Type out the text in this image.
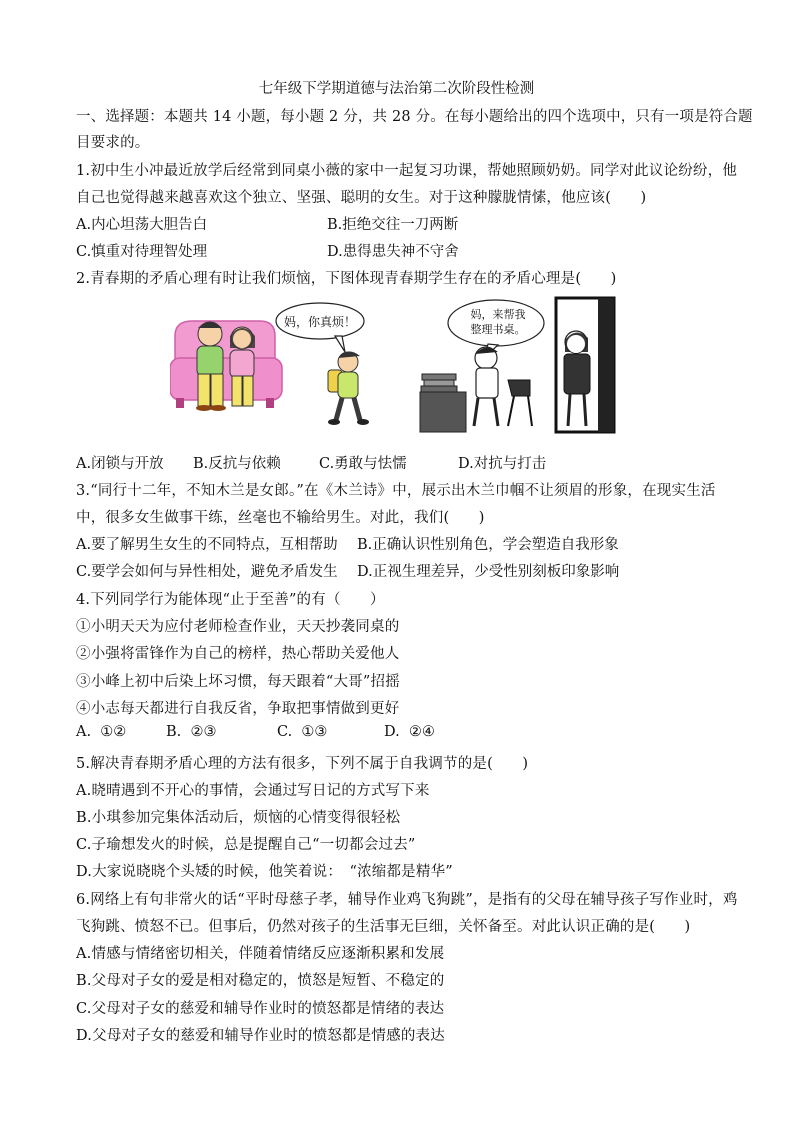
七年级下学期道德与法治第二次阶段性检测
一、选择题：本题共 14 小题，每小题 2 分，共 28 分。在每小题给出的四个选项中，只有一项是符合题
目要求的。
1.初中生小冲最近放学后经常到同桌小薇的家中一起复习功课，帮她照顾奶奶。同学对此议论纷纷，他
自己也觉得越来越喜欢这个独立、坚强、聪明的女生。对于这种朦胧情愫，他应该(　　)
A.内心坦荡大胆告白	B.拒绝交往一刀两断
C.慎重对待理智处理	D.患得患失神不守舍
2.青春期的矛盾心理有时让我们烦恼，下图体现青春期学生存在的矛盾心理是(　　)
妈，你真烦！
妈，来帮我
整理书桌。
A.闭锁与开放 B.反抗与依赖	C.勇敢与怯懦	D.对抗与打击
3.“同行十二年，不知木兰是女郎。”在《木兰诗》中，展示出木兰巾帼不让须眉的形象，在现实生活
中，很多女生做事干练，丝毫也不输给男生。对此，我们(　　)
A.要了解男生女生的不同特点，互相帮助 B.正确认识性别角色，学会塑造自我形象
C.要学会如何与异性相处，避免矛盾发生 D.正视生理差异，少受性别刻板印象影响
4.下列同学行为能体现“止于至善”的有（　　）
①小明天天为应付老师检查作业，天天抄袭同桌的
②小强将雷锋作为自己的榜样，热心帮助关爱他人
③小峰上初中后染上坏习惯，每天跟着“大哥”招摇
④小志每天都进行自我反省，争取把事情做到更好
A.  ①②	B.  ②③	C.  ①③	D.  ②④
5.解决青春期矛盾心理的方法有很多，下列不属于自我调节的是(　　)
A.晓晴遇到不开心的事情，会通过写日记的方式写下来
B.小琪参加完集体活动后，烦恼的心情变得很轻松
C.子瑜想发火的时候，总是提醒自己“一切都会过去”
D.大家说晓晓个头矮的时候，他笑着说：　“浓缩都是精华”
6.网络上有句非常火的话“平时母慈子孝，辅导作业鸡飞狗跳”，是指有的父母在辅导孩子写作业时，鸡
飞狗跳、愤怒不已。但事后，仍然对孩子的生活事无巨细，关怀备至。对此认识正确的是(　　)
A.情感与情绪密切相关，伴随着情绪反应逐渐积累和发展
B.父母对子女的爱是相对稳定的，愤怒是短暂、不稳定的
C.父母对子女的慈爱和辅导作业时的愤怒都是情绪的表达
D.父母对子女的慈爱和辅导作业时的愤怒都是情感的表达
